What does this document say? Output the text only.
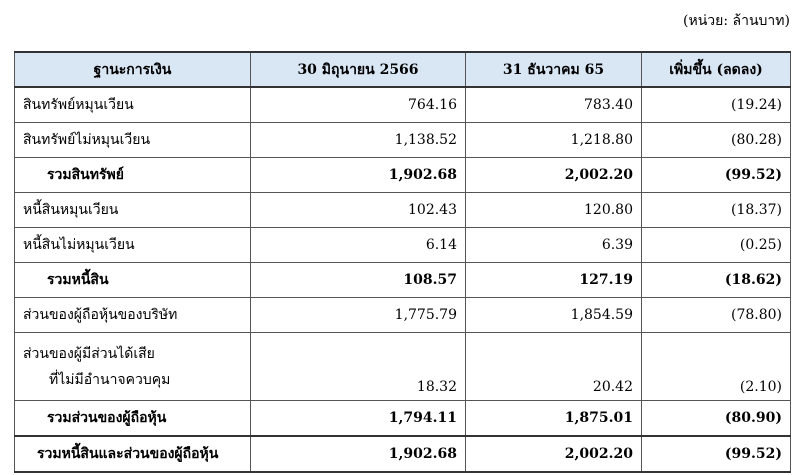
(หน่วย: ล้านบาท)
ฐานะการเงิน	30 มิถุนายน 2566	31 ธันวาคม 65	เพิ่มขึ้น (ลดลง)
สินทรัพย์หมุนเวียน	764.16	783.40	(19.24)
สินทรัพย์ไม่หมุนเวียน	1,138.52	1,218.80	(80.28)
รวมสินทรัพย์	1,902.68	2,002.20	(99.52)
หนี้สินหมุนเวียน	102.43	120.80	(18.37)
หนี้สินไม่หมุนเวียน	6.14	6.39	(0.25)
รวมหนี้สิน	108.57	127.19	(18.62)
ส่วนของผู้ถือหุ้นของบริษัท	1,775.79	1,854.59	(78.80)
ส่วนของผู้มีส่วนได้เสีย
ที่ไม่มีอำนาจควบคุม	18.32	20.42	(2.10)
รวมส่วนของผู้ถือหุ้น	1,794.11	1,875.01	(80.90)
รวมหนี้สินและส่วนของผู้ถือหุ้น	1,902.68	2,002.20	(99.52)
